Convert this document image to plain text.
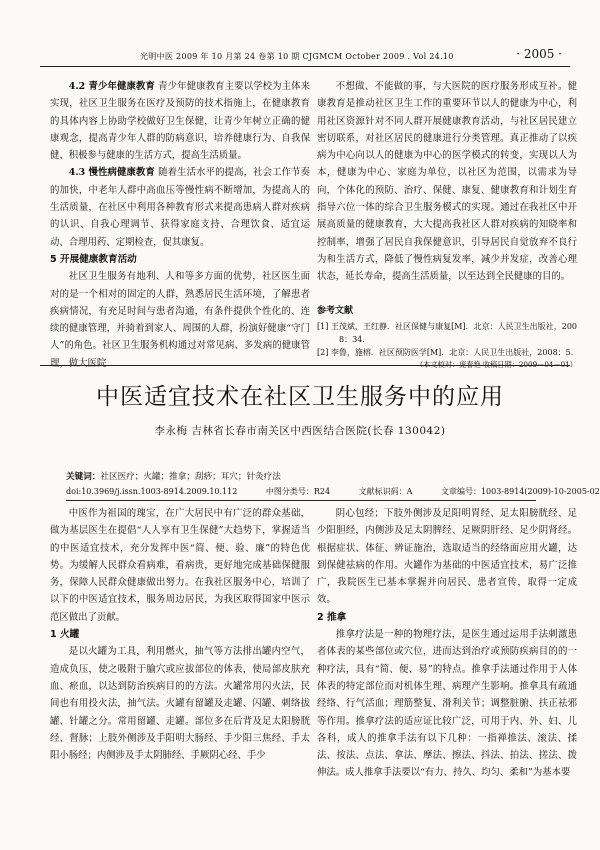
光明中医 2009 年 10 月第 24 卷第 10 期 CJGMCM October 2009 . Vol 24.10	· 2005 ·

4.2 青少年健康教育 青少年健康教育主要以学校为主体来实现，社区卫生服务在医疗及预防的技术指施上，在健康教育的具体内容上协助学校做好卫生保健，让青少年树立正确的健康观念，提高青少年人群的防病意识，培养健康行为、自我保健、积极参与健康的生活方式，提高生活质量。

4.3 慢性病健康教育 随着生活水平的提高，社会工作节奏的加快，中老年人群中高血压等慢性病不断增加，为提高人的生活质量，在社区中利用各种教育形式来提高患病人群对疾病的认识、自我心理调节、获得家庭支持、合理饮食、适宜运动、合理用药、定期检查，促其康复。

5 开展健康教育活动

社区卫生服务有地利、人和等多方面的优势，社区医生面对的是一个相对的固定的人群，熟悉居民生活环境，了解患者疾病情况，有充足时间与患者沟通，有条件提供个性化的、连续的健康管理，并骑着到家人、周围的人群，扮演好健康“守门人”的角色。社区卫生服务机构通过对常见病、多发病的健康管理，做大医院

不想做、不能做的事，与大医院的医疗服务形成互补。健康教育是推动社区卫生工作的重要环节以人的健康为中心，利用社区资源针对不同人群开展健康教育活动，与社区居民建立密切联系，对社区居民的健康进行分类管理。真正推动了以疾病为中心向以人的健康为中心的医学模式的转变，实现以人为本，健康为中心、家庭为单位，以社区为范围，以需求为导向，个体化的预防、治疗、保健、康复、健康教育和计划生育指导六位一体的综合卫生服务模式的实现。通过在我社区中开展高质量的健康教育，大大提高我社区人群对疾病的知晓率和控制率，增强了居民自我保健意识，引导居民自觉放弃不良行为和生活方式，降低了慢性病复发率，减少并发症，改善心理状态，延长寿命，提高生活质量，以至达到全民健康的目的。

参考文献
[1] 王茂斌，王红静．社区保健与康复[M]．北京：人民卫生出版社，2008：34.
[2] 李鲁，施榕．社区预防医学[M]．北京：人民卫生出版社，2008：5.
（本文校对：庞春艳 收稿日期：2009－04－01）
中医适宜技术在社区卫生服务中的应用
李永梅 吉林省长春市南关区中西医结合医院(长春 130042)
关键词：社区医疗；火罐；推拿；刮痧；耳穴；针灸疗法
doi:10.3969/j.issn.1003-8914.2009.10.112	中图分类号：R24	文献标识码：A	文章编号：1003-8914(2009)-10-2005-02

中医作为祖国的瑰宝，在广大居民中有广泛的群众基础，做为基层医生在提倡“人人享有卫生保健”大趋势下，掌握适当的中医适宜技术，充分发挥中医“简、便、验、廉”的特色优势。为缓解人民群众看病难，看病贵，更好地完成基础保健服务，保障人民群众健康做出努力。在我社区服务中心，培训了以下的中医适宜技术，服务周边居民，为我区取得国家中医示范区做出了贡献。

1 火罐

是以火罐为工具，利用燃火，抽气等方法排出罐内空气，造成负压，使之吸附于腧穴或应拔部位的体表，使局部皮肤充血、瘀血，以达到防治疾病目的的方法。火罐常用闪火法，民间也有用投火法，抽气法。火罐有留罐及走罐、闪罐、刺络拔罐、针罐之分。常用留罐、走罐。部位多在后背及足太阳膀胱经、督脉；上肢外侧涉及手阳明大肠经、手少阳三焦经、手太阳小肠经；内侧涉及手太阴肺经、手厥阴心经、手少

阴心包经；下肢外侧涉及足阳明胃经、足太阳膀胱经、足少阳胆经，内侧涉及足太阴脾经、足厥阴肝经、足少阴肾经。根据症状、体征、辨证施治，选取适当的经络面应用火罐，达到保健祛病的作用。火罐作为基础的中医适宜技术，易广泛推广，我院医生已基本掌握并向居民、患者宣传，取得一定成效。

2 推拿

推拿疗法是一种的物理疗法，是医生通过运用手法刺激患者体表的某些部位或穴位，进而达到治疗或预防疾病目的的一种疗法，具有“简、便、易”的特点。推拿手法通过作用于人体体表的特定部位而对机体生理、病理产生影响。推拿具有疏通经络、行气活血；理筋整复、滑利关节；调整脏腑、扶正祛邪等作用。推拿疗法的适应证比较广泛，可用于内、外、妇、儿各科，成人的推拿手法有以下几种：一指禅推法、滚法、揉法、按法、点法、拿法、摩法、擦法、抖法、拍法、搓法、拨伸法。成人推拿手法要以“有力、持久、均匀、柔和”为基本要
